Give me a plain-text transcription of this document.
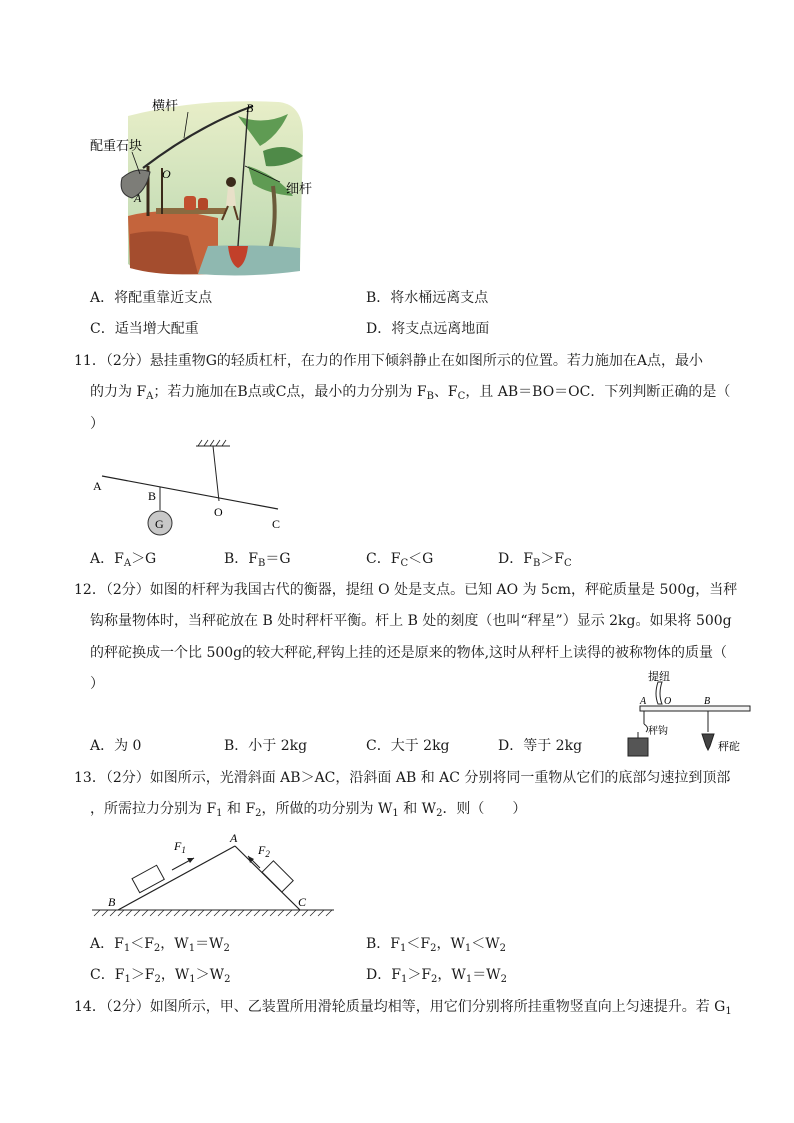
横杆
配重石块
细杆
B
O
A
A．将配重靠近支点	B．将水桶远离支点
C．适当增大配重	D．将支点远离地面
11．（2分）悬挂重物G的轻质杠杆，在力的作用下倾斜静止在如图所示的位置。若力施加在A点，最小
的力为 $F_A$；若力施加在B点或C点，最小的力分别为 $F_B$、$F_C$，且 AB＝BO＝OC．下列判断正确的是（
）
G
A
B
O
C
A．$F_A>G$	B．$F_B=G$	C．$F_C<G$	D．$F_B>F_C$
12．（2分）如图的杆秤为我国古代的衡器，提纽 O 处是支点。已知 AO 为 5cm，秤砣质量是 500g，当秤
钩称量物体时，当秤砣放在 B 处时秤杆平衡。杆上 B 处的刻度（也叫“秤星”）显示 2kg。如果将 500g
的秤砣换成一个比 500g的较大秤砣,秤钩上挂的还是原来的物体,这时从秤杆上读得的被称物体的质量（
）	提纽
A O	B
秤钩
秤砣
A．为 0	B．小于 2kg	C．大于 2kg	D．等于 2kg
13．（2分）如图所示，光滑斜面 AB＞AC，沿斜面 AB 和 AC 分别将同一重物从它们的底部匀速拉到顶部
，所需拉力分别为 $F_1$ 和 $F_2$，所做的功分别为 $W_1$ 和 $W_2$．则（　　）
$F_1$	$F_2$
A
B	C
A．$F_1<F_2$，$W_1=W_2$	B．$F_1<F_2$，$W_1<W_2$
C．$F_1>F_2$，$W_1>W_2$	D．$F_1>F_2$，$W_1=W_2$
14．（2分）如图所示，甲、乙装置所用滑轮质量均相等，用它们分别将所挂重物竖直向上匀速提升。若 $G_1$
